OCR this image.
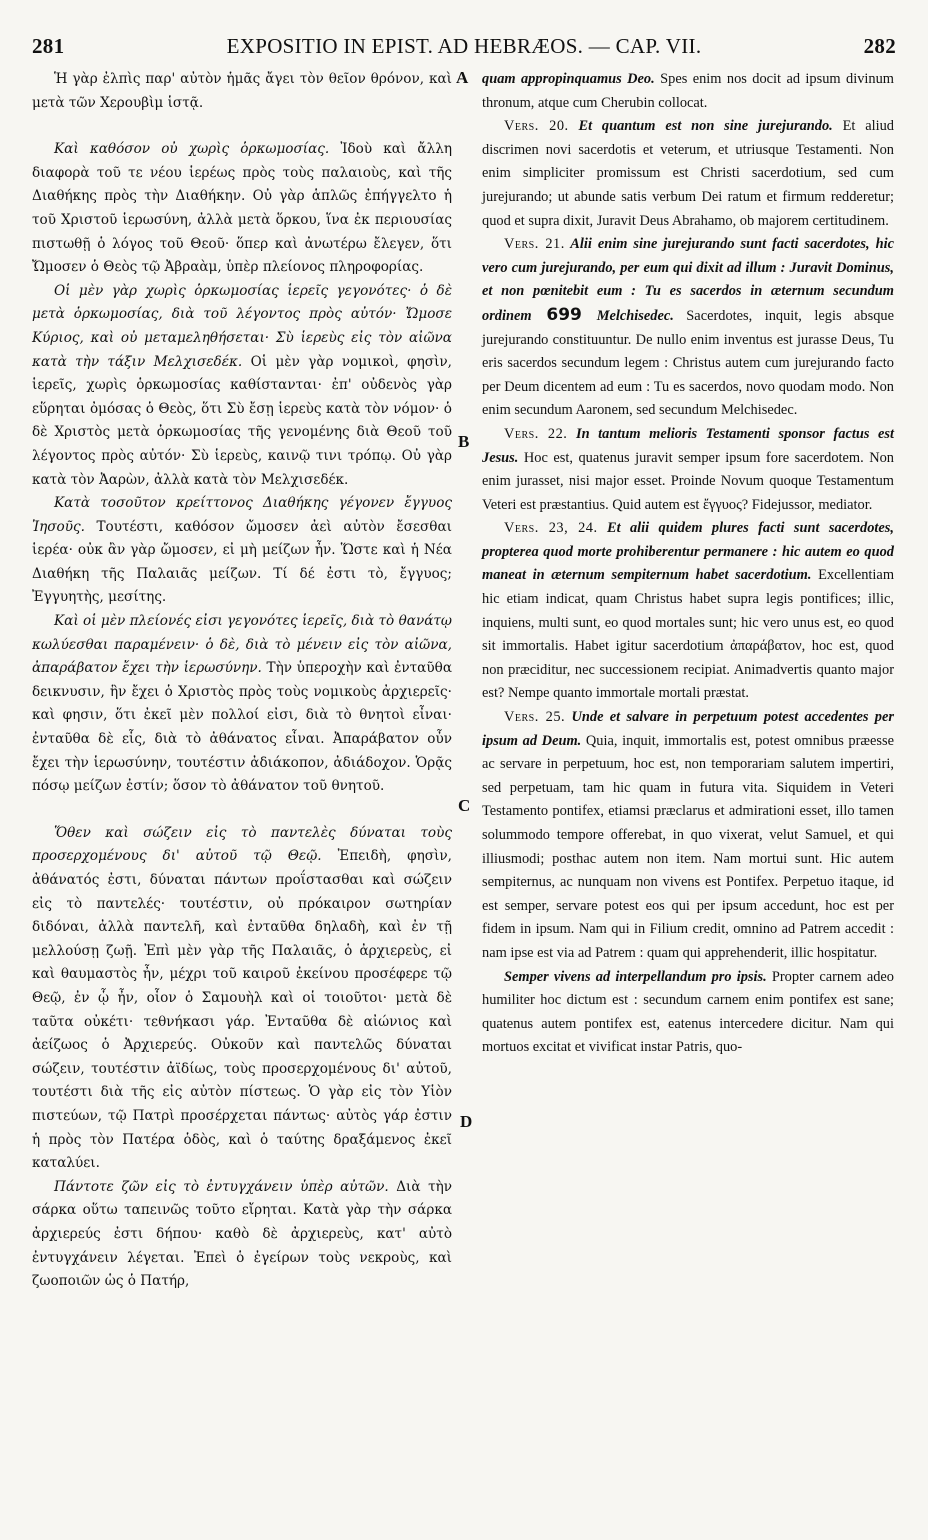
281	EXPOSITIO IN EPIST. AD HEBRÆOS. — CAP. VII.	282

Ἡ γὰρ ἐλπὶς παρ' αὐτὸν ἡμᾶς ἄγει τὸν θεῖον θρόνον, καὶ μετὰ τῶν Χερουβὶμ ἱστᾷ.

Καὶ καθόσον οὐ χωρὶς ὁρκωμοσίας. Ἰδοὺ καὶ ἄλλη διαφορὰ τοῦ τε νέου ἱερέως πρὸς τοὺς παλαιοὺς, καὶ τῆς Διαθήκης πρὸς τὴν Διαθήκην. Οὐ γὰρ ἁπλῶς ἐπήγγελτο ἡ τοῦ Χριστοῦ ἱερωσύνη, ἀλλὰ μετὰ ὅρκου, ἵνα ἐκ περιουσίας πιστωθῇ ὁ λόγος τοῦ Θεοῦ· ὅπερ καὶ ἀνωτέρω ἔλεγεν, ὅτι Ὤμοσεν ὁ Θεὸς τῷ Ἀβραὰμ, ὑπὲρ πλείονος πληροφορίας.

Οἱ μὲν γὰρ χωρὶς ὁρκωμοσίας ἱερεῖς γεγονότες· ὁ δὲ μετὰ ὁρκωμοσίας, διὰ τοῦ λέγοντος πρὸς αὐτόν· Ὤμοσε Κύριος, καὶ οὐ μεταμεληθήσεται· Σὺ ἱερεὺς εἰς τὸν αἰῶνα κατὰ τὴν τάξιν Μελχισεδέκ. Οἱ μὲν γὰρ νομικοὶ, φησὶν, ἱερεῖς, χωρὶς ὁρκωμοσίας καθίστανται· ἐπ' οὐδενὸς γὰρ εὕρηται ὀμόσας ὁ Θεὸς, ὅτι Σὺ ἔσῃ ἱερεὺς κατὰ τὸν νόμον· ὁ δὲ Χριστὸς μετὰ ὁρκωμοσίας τῆς γενομένης διὰ Θεοῦ τοῦ λέγοντος πρὸς αὐτόν· Σὺ ἱερεὺς, καινῷ τινι τρόπῳ. Οὐ γὰρ κατὰ τὸν Ἀαρὼν, ἀλλὰ κατὰ τὸν Μελχισεδέκ.

Κατὰ τοσοῦτον κρείττονος Διαθήκης γέγονεν ἔγγυος Ἰησοῦς. Τουτέστι, καθόσον ὤμοσεν ἀεὶ αὐτὸν ἔσεσθαι ἱερέα· οὐκ ἂν γὰρ ὤμοσεν, εἰ μὴ μείζων ἦν. Ὥστε καὶ ἡ Νέα Διαθήκη τῆς Παλαιᾶς μείζων. Τί δέ ἐστι τὸ, ἔγγυος; Ἐγγυητὴς, μεσίτης.

Καὶ οἱ μὲν πλείονές εἰσι γεγονότες ἱερεῖς, διὰ τὸ θανάτῳ κωλύεσθαι παραμένειν· ὁ δὲ, διὰ τὸ μένειν εἰς τὸν αἰῶνα, ἀπαράβατον ἔχει τὴν ἱερωσύνην. Τὴν ὑπεροχὴν καὶ ἐνταῦθα δεικνυσιν, ἣν ἔχει ὁ Χριστὸς πρὸς τοὺς νομικοὺς ἀρχιερεῖς· καὶ φησιν, ὅτι ἐκεῖ μὲν πολλοί εἰσι, διὰ τὸ θνητοὶ εἶναι· ἐνταῦθα δὲ εἷς, διὰ τὸ ἀθάνατος εἶναι. Ἀπαράβατον οὖν ἔχει τὴν ἱερωσύνην, τουτέστιν ἀδιάκοπον, ἀδιάδοχον. Ὁρᾷς πόσῳ μείζων ἐστίν; ὅσον τὸ ἀθάνατον τοῦ θνητοῦ.

Ὅθεν καὶ σώζειν εἰς τὸ παντελὲς δύναται τοὺς προσερχομένους δι' αὐτοῦ τῷ Θεῷ. Ἐπειδὴ, φησὶν, ἀθάνατός ἐστι, δύναται πάντων προΐστασθαι καὶ σώζειν εἰς τὸ παντελές· τουτέστιν, οὐ πρόκαιρον σωτηρίαν διδόναι, ἀλλὰ παντελῆ, καὶ ἐνταῦθα δηλαδὴ, καὶ ἐν τῇ μελλούσῃ ζωῇ. Ἐπὶ μὲν γὰρ τῆς Παλαιᾶς, ὁ ἀρχιερεὺς, εἰ καὶ θαυμαστὸς ἦν, μέχρι τοῦ καιροῦ ἐκείνου προσέφερε τῷ Θεῷ, ἐν ᾧ ἦν, οἷον ὁ Σαμουὴλ καὶ οἱ τοιοῦτοι· μετὰ δὲ ταῦτα οὐκέτι· τεθνήκασι γάρ. Ἐνταῦθα δὲ αἰώνιος καὶ ἀείζωος ὁ Ἀρχιερεύς. Οὐκοῦν καὶ παντελῶς δύναται σώζειν, τουτέστιν ἀϊδίως, τοὺς προσερχομένους δι' αὐτοῦ, τουτέστι διὰ τῆς εἰς αὐτὸν πίστεως. Ὁ γὰρ εἰς τὸν Υἱὸν πιστεύων, τῷ Πατρὶ προσέρχεται πάντως· αὐτὸς γάρ ἐστιν ἡ πρὸς τὸν Πατέρα ὁδὸς, καὶ ὁ ταύτης δραξάμενος ἐκεῖ καταλύει.

Πάντοτε ζῶν εἰς τὸ ἐντυγχάνειν ὑπὲρ αὐτῶν. Διὰ τὴν σάρκα οὕτω ταπεινῶς τοῦτο εἴρηται. Κατὰ γὰρ τὴν σάρκα ἀρχιερεύς ἐστι δήπου· καθὸ δὲ ἀρχιερεὺς, κατ' αὐτὸ ἐντυγχάνειν λέγεται. Ἐπεὶ ὁ ἐγείρων τοὺς νεκροὺς, καὶ ζωοποιῶν ὡς ὁ Πατήρ,

quam appropinquamus Deo. Spes enim nos docit ad ipsum divinum thronum, atque cum Cherubin collocat.

Vers. 20. Et quantum est non sine jurejurando. Et aliud discrimen novi sacerdotis et veterum, et utriusque Testamenti. Non enim simpliciter promissum est Christi sacerdotium, sed cum jurejurando; ut abunde satis verbum Dei ratum et firmum redderetur; quod et supra dixit, Juravit Deus Abrahamo, ob majorem certitudinem.

Vers. 21. Alii enim sine jurejurando sunt facti sacerdotes, hic vero cum jurejurando, per eum qui dixit ad illum : Juravit Dominus, et non pœnitebit eum : Tu es sacerdos in æternum secundum ordinem 699 Melchisedec. Sacerdotes, inquit, legis absque jurejurando constituuntur. De nullo enim inventus est jurasse Deus, Tu eris sacerdos secundum legem : Christus autem cum jurejurando facto per Deum dicentem ad eum : Tu es sacerdos, novo quodam modo. Non enim secundum Aaronem, sed secundum Melchisedec.

Vers. 22. In tantum melioris Testamenti sponsor factus est Jesus. Hoc est, quatenus juravit semper ipsum fore sacerdotem. Non enim jurasset, nisi major esset. Proinde Novum quoque Testamentum Veteri est præstantius. Quid autem est ἔγγυος? Fidejussor, mediator.

Vers. 23, 24. Et alii quidem plures facti sunt sacerdotes, propterea quod morte prohiberentur permanere : hic autem eo quod maneat in æternum sempiternum habet sacerdotium. Excellentiam hic etiam indicat, quam Christus habet supra legis pontifices; illic, inquiens, multi sunt, eo quod mortales sunt; hic vero unus est, eo quod sit immortalis. Habet igitur sacerdotium ἀπαράβατον, hoc est, quod non præciditur, nec successionem recipiat. Animadvertis quanto major est? Nempe quanto immortale mortali præstat.

Vers. 25. Unde et salvare in perpetuum potest accedentes per ipsum ad Deum. Quia, inquit, immortalis est, potest omnibus præesse ac servare in perpetuum, hoc est, non temporariam salutem impertiri, sed perpetuam, tam hic quam in futura vita. Siquidem in Veteri Testamento pontifex, etiamsi præclarus et admirationi esset, illo tamen solummodo tempore offerebat, in quo vixerat, velut Samuel, et qui illiusmodi; posthac autem non item. Nam mortui sunt. Hic autem sempiternus, ac nunquam non vivens est Pontifex. Perpetuo itaque, id est semper, servare potest eos qui per ipsum accedunt, hoc est per fidem in ipsum. Nam qui in Filium credit, omnino ad Patrem accedit : nam ipse est via ad Patrem : quam qui apprehenderit, illic hospitatur.

Semper vivens ad interpellandum pro ipsis. Propter carnem adeo humiliter hoc dictum est : secundum carnem enim pontifex est sane; quatenus autem pontifex est, eatenus intercedere dicitur. Nam qui mortuos excitat et vivificat instar Patris, quo-

A
B
C
D
